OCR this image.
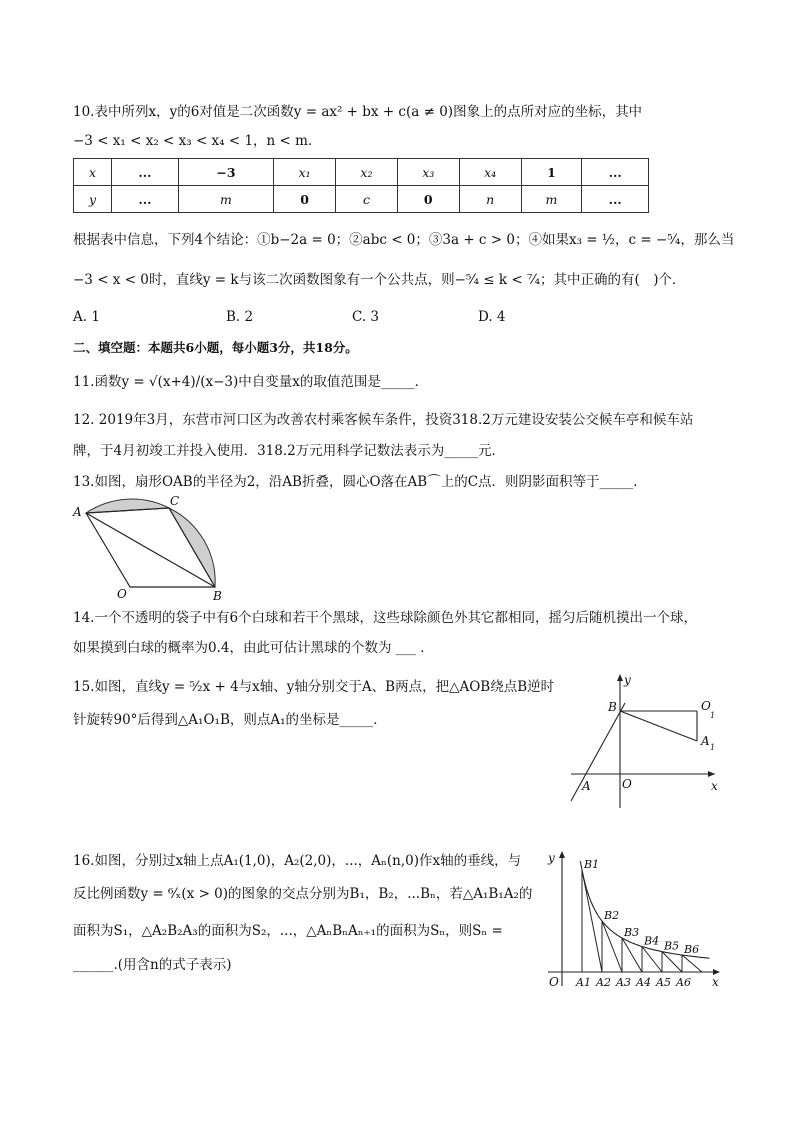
10.表中所列x，y的6对值是二次函数y = ax² + bx + c(a ≠ 0)图象上的点所对应的坐标，其中
−3 < x₁ < x₂ < x₃ < x₄ < 1，n < m．
x	...	−3	x₁	x₂	x₃	x₄	1	...
y	...	m	0	c	0	n	m	...
根据表中信息，下列4个结论：①b−2a = 0；②abc < 0；③3a + c > 0；④如果x₃ = ½，c = −⁵⁄₄，那么当
−3 < x < 0时，直线y = k与该二次函数图象有一个公共点，则−⁵⁄₄ ≤ k < ⁷⁄₄；其中正确的有(　)个．
A. 1	B. 2	C. 3	D. 4
二、填空题：本题共6小题，每小题3分，共18分。
11.函数y = √(x+4)/(x−3)中自变量x的取值范围是_____．
12. 2019年3月，东营市河口区为改善农村乘客候车条件，投资318.2万元建设安装公交候车亭和候车站
牌，于4月初竣工并投入使用．318.2万元用科学记数法表示为_____元．
13.如图，扇形OAB的半径为2，沿AB折叠，圆心O落在AB⌒上的C点．则阴影面积等于_____．
A
C
O	B
14.一个不透明的袋子中有6个白球和若干个黑球，这些球除颜色外其它都相同，摇匀后随机摸出一个球，
如果摸到白球的概率为0.4，由此可估计黑球的个数为 ___ ．
15.如图，直线y = ⁵⁄₂x + 4与x轴、y轴分别交于A、B两点，把△AOB绕点B逆时
针旋转90°后得到△A₁O₁B，则点A₁的坐标是_____．
y
B	O
1
A 1
A	O	x
16.如图，分别过x轴上点A₁(1,0)，A₂(2,0)，...，Aₙ(n,0)作x轴的垂线，与
反比例函数y = ⁶⁄ₓ(x > 0)的图象的交点分别为B₁，B₂，...Bₙ，若△A₁B₁A₂的
面积为S₁，△A₂B₂A₃的面积为S₂，...，△AₙBₙAₙ₊₁的面积为Sₙ，则Sₙ =
______.(用含n的式子表示)
y
O	x
B1
B2
B3
B4 B5 B6
A1 A2 A3 A4 A5 A6
